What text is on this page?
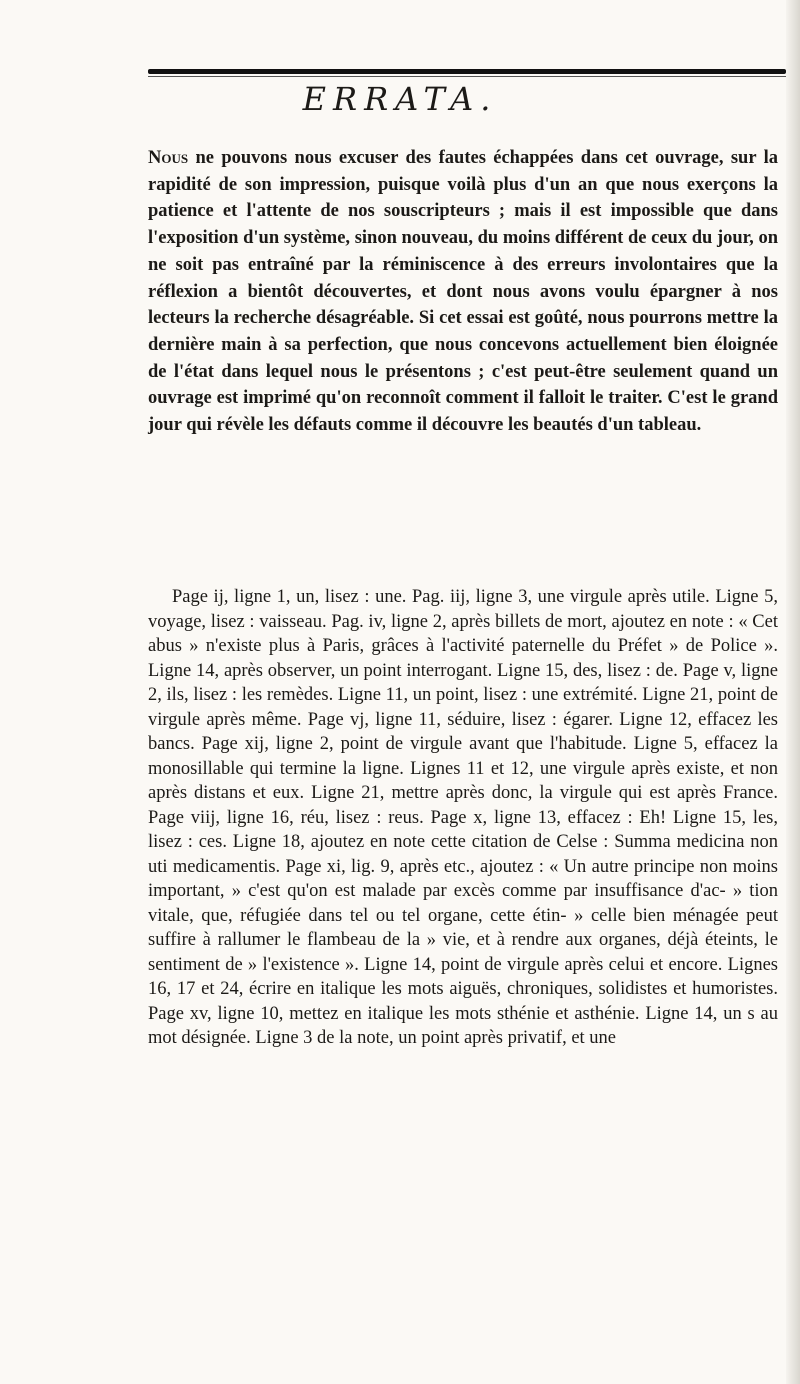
ERRATA.

Nous ne pouvons nous excuser des fautes échappées dans cet ouvrage, sur la rapidité de son impression, puisque voilà plus d'un an que nous exerçons la patience et l'attente de nos souscripteurs ; mais il est impossible que dans l'exposition d'un système, sinon nouveau, du moins différent de ceux du jour, on ne soit pas entraîné par la réminiscence à des erreurs involontaires que la réflexion a bientôt découvertes, et dont nous avons voulu épargner à nos lecteurs la recherche désagréable. Si cet essai est goûté, nous pourrons mettre la dernière main à sa perfection, que nous concevons actuellement bien éloignée de l'état dans lequel nous le présentons ; c'est peut-être seulement quand un ouvrage est imprimé qu'on reconnoît comment il falloit le traiter. C'est le grand jour qui révèle les défauts comme il découvre les beautés d'un tableau.

Page ij, ligne 1, un, lisez : une. Pag. iij, ligne 3, une virgule après utile. Ligne 5, voyage, lisez : vaisseau. Pag. iv, ligne 2, après billets de mort, ajoutez en note : « Cet abus » n'existe plus à Paris, grâces à l'activité paternelle du Préfet » de Police ». Ligne 14, après observer, un point interrogant. Ligne 15, des, lisez : de. Page v, ligne 2, ils, lisez : les remèdes. Ligne 11, un point, lisez : une extrémité. Ligne 21, point de virgule après même. Page vj, ligne 11, séduire, lisez : égarer. Ligne 12, effacez les bancs. Page xij, ligne 2, point de virgule avant que l'habitude. Ligne 5, effacez la monosillable qui termine la ligne. Lignes 11 et 12, une virgule après existe, et non après distans et eux. Ligne 21, mettre après donc, la virgule qui est après France. Page viij, ligne 16, réu, lisez : reus. Page x, ligne 13, effacez : Eh! Ligne 15, les, lisez : ces. Ligne 18, ajoutez en note cette citation de Celse : Summa medicina non uti medicamentis. Page xi, lig. 9, après etc., ajoutez : « Un autre principe non moins important, » c'est qu'on est malade par excès comme par insuffisance d'ac- » tion vitale, que, réfugiée dans tel ou tel organe, cette étin- » celle bien ménagée peut suffire à rallumer le flambeau de la » vie, et à rendre aux organes, déjà éteints, le sentiment de » l'existence ». Ligne 14, point de virgule après celui et encore. Lignes 16, 17 et 24, écrire en italique les mots aiguës, chroniques, solidistes et humoristes. Page xv, ligne 10, mettez en italique les mots sthénie et asthénie. Ligne 14, un s au mot désignée. Ligne 3 de la note, un point après privatif, et une
